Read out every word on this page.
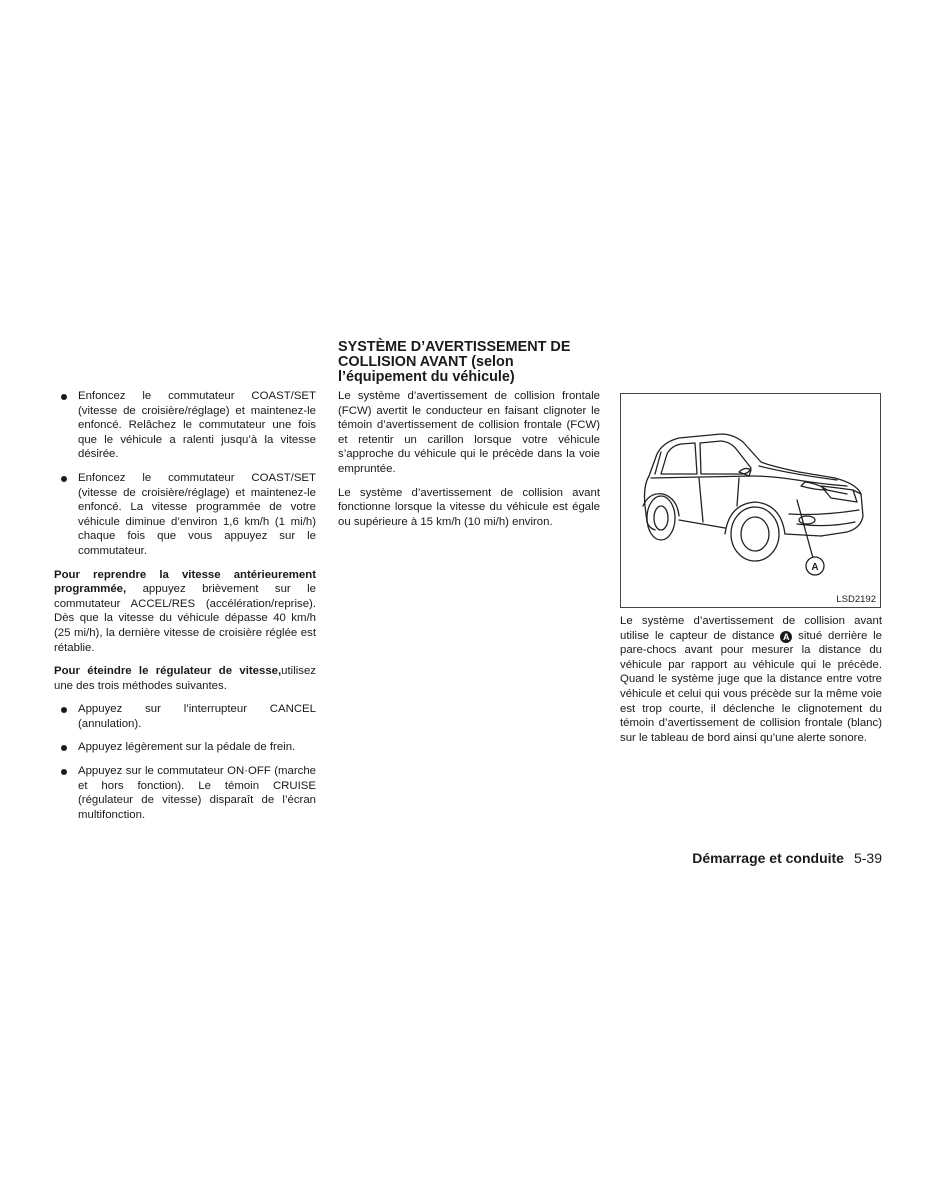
Enfoncez le commutateur COAST/SET (vitesse de croisière/réglage) et maintenez-le enfoncé. Relâchez le commutateur une fois que le véhicule a ralenti jusqu’à la vitesse désirée.
Enfoncez le commutateur COAST/SET (vitesse de croisière/réglage) et maintenez-le enfoncé. La vitesse programmée de votre véhicule diminue d’environ 1,6 km/h (1 mi/h) chaque fois que vous appuyez sur le commutateur.

Pour reprendre la vitesse antérieurement programmée, appuyez brièvement sur le commutateur ACCEL/RES (accélération/reprise). Dès que la vitesse du véhicule dépasse 40 km/h (25 mi/h), la dernière vitesse de croisière réglée est rétablie.

Pour éteindre le régulateur de vitesse,utilisez une des trois méthodes suivantes.

Appuyez sur l’interrupteur CANCEL (annulation).
Appuyez légèrement sur la pédale de frein.
Appuyez sur le commutateur ON·OFF (marche et hors fonction). Le témoin CRUISE (régulateur de vitesse) disparaît de l’écran multifonction.
SYSTÈME D’AVERTISSEMENT DE COLLISION AVANT (selon l’équipement du véhicule)

Le système d’avertissement de collision frontale (FCW) avertit le conducteur en faisant clignoter le témoin d’avertissement de collision frontale (FCW) et retentir un carillon lorsque votre véhicule s’approche du véhicule qui le précède dans la voie empruntée.

Le système d’avertissement de collision avant fonctionne lorsque la vitesse du véhicule est égale ou supérieure à 15 km/h (10 mi/h) environ.

A
LSD2192

Le système d’avertissement de collision avant utilise le capteur de distance A situé derrière le pare-chocs avant pour mesurer la distance du véhicule par rapport au véhicule qui le précède. Quand le système juge que la distance entre votre véhicule et celui qui vous précède sur la même voie est trop courte, il déclenche le clignotement du témoin d’avertissement de collision frontale (blanc) sur le tableau de bord ainsi qu’une alerte sonore.

Démarrage et conduite 5-39
